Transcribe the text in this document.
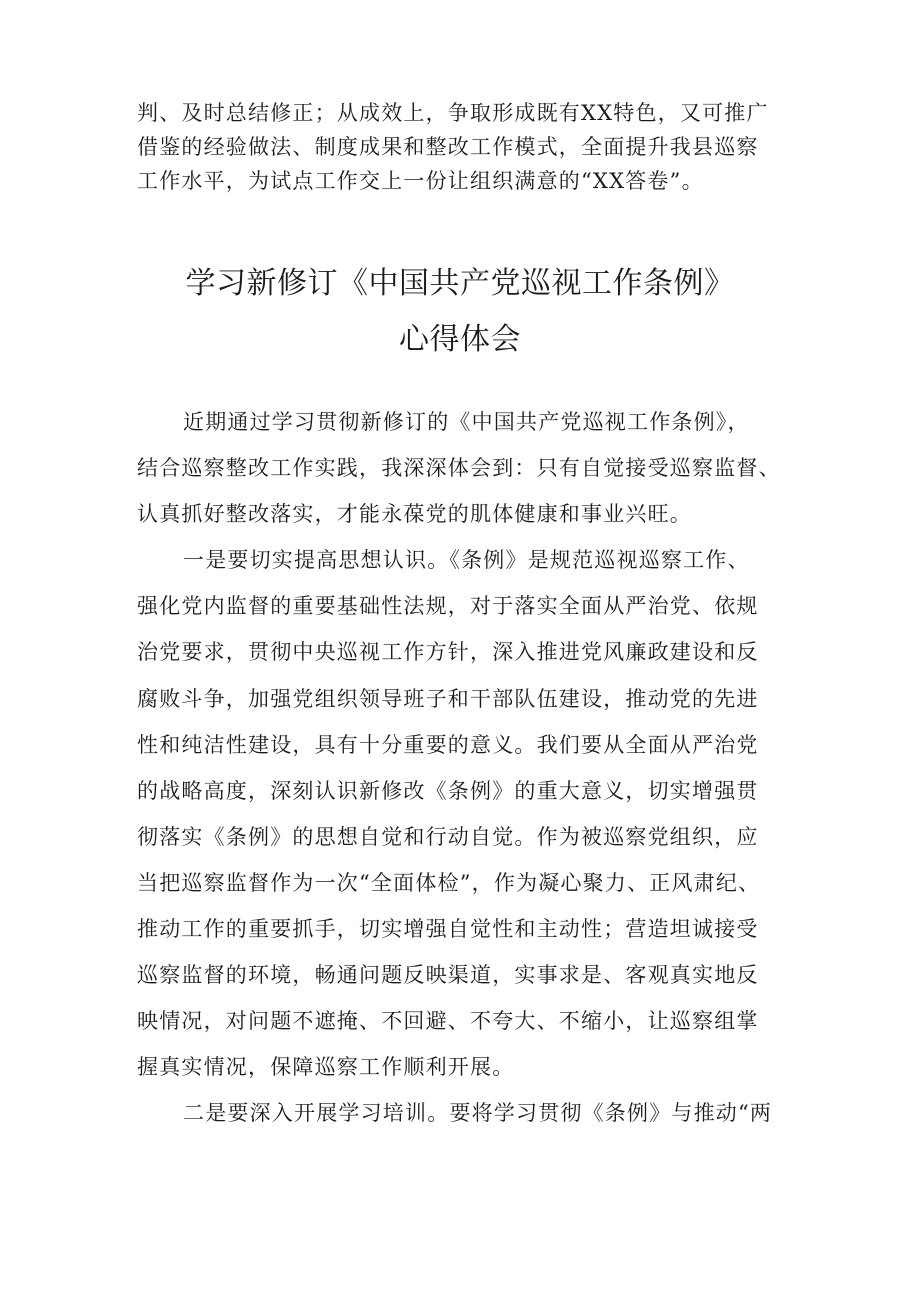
判、及时总结修正；从成效上，争取形成既有XX特色，又可推广
借鉴的经验做法、制度成果和整改工作模式，全面提升我县巡察
工作水平，为试点工作交上一份让组织满意的“XX答卷”。
学习新修订《中国共产党巡视工作条例》
心得体会
近期通过学习贯彻新修订的《中国共产党巡视工作条例》，
结合巡察整改工作实践，我深深体会到：只有自觉接受巡察监督、
认真抓好整改落实，才能永葆党的肌体健康和事业兴旺。
一是要切实提高思想认识。《条例》是规范巡视巡察工作、
强化党内监督的重要基础性法规，对于落实全面从严治党、依规
治党要求，贯彻中央巡视工作方针，深入推进党风廉政建设和反
腐败斗争，加强党组织领导班子和干部队伍建设，推动党的先进
性和纯洁性建设，具有十分重要的意义。我们要从全面从严治党
的战略高度，深刻认识新修改《条例》的重大意义，切实增强贯
彻落实《条例》的思想自觉和行动自觉。作为被巡察党组织，应
当把巡察监督作为一次“全面体检”，作为凝心聚力、正风肃纪、
推动工作的重要抓手，切实增强自觉性和主动性；营造坦诚接受
巡察监督的环境，畅通问题反映渠道，实事求是、客观真实地反
映情况，对问题不遮掩、不回避、不夸大、不缩小，让巡察组掌
握真实情况，保障巡察工作顺利开展。
二是要深入开展学习培训。要将学习贯彻《条例》与推动“两
